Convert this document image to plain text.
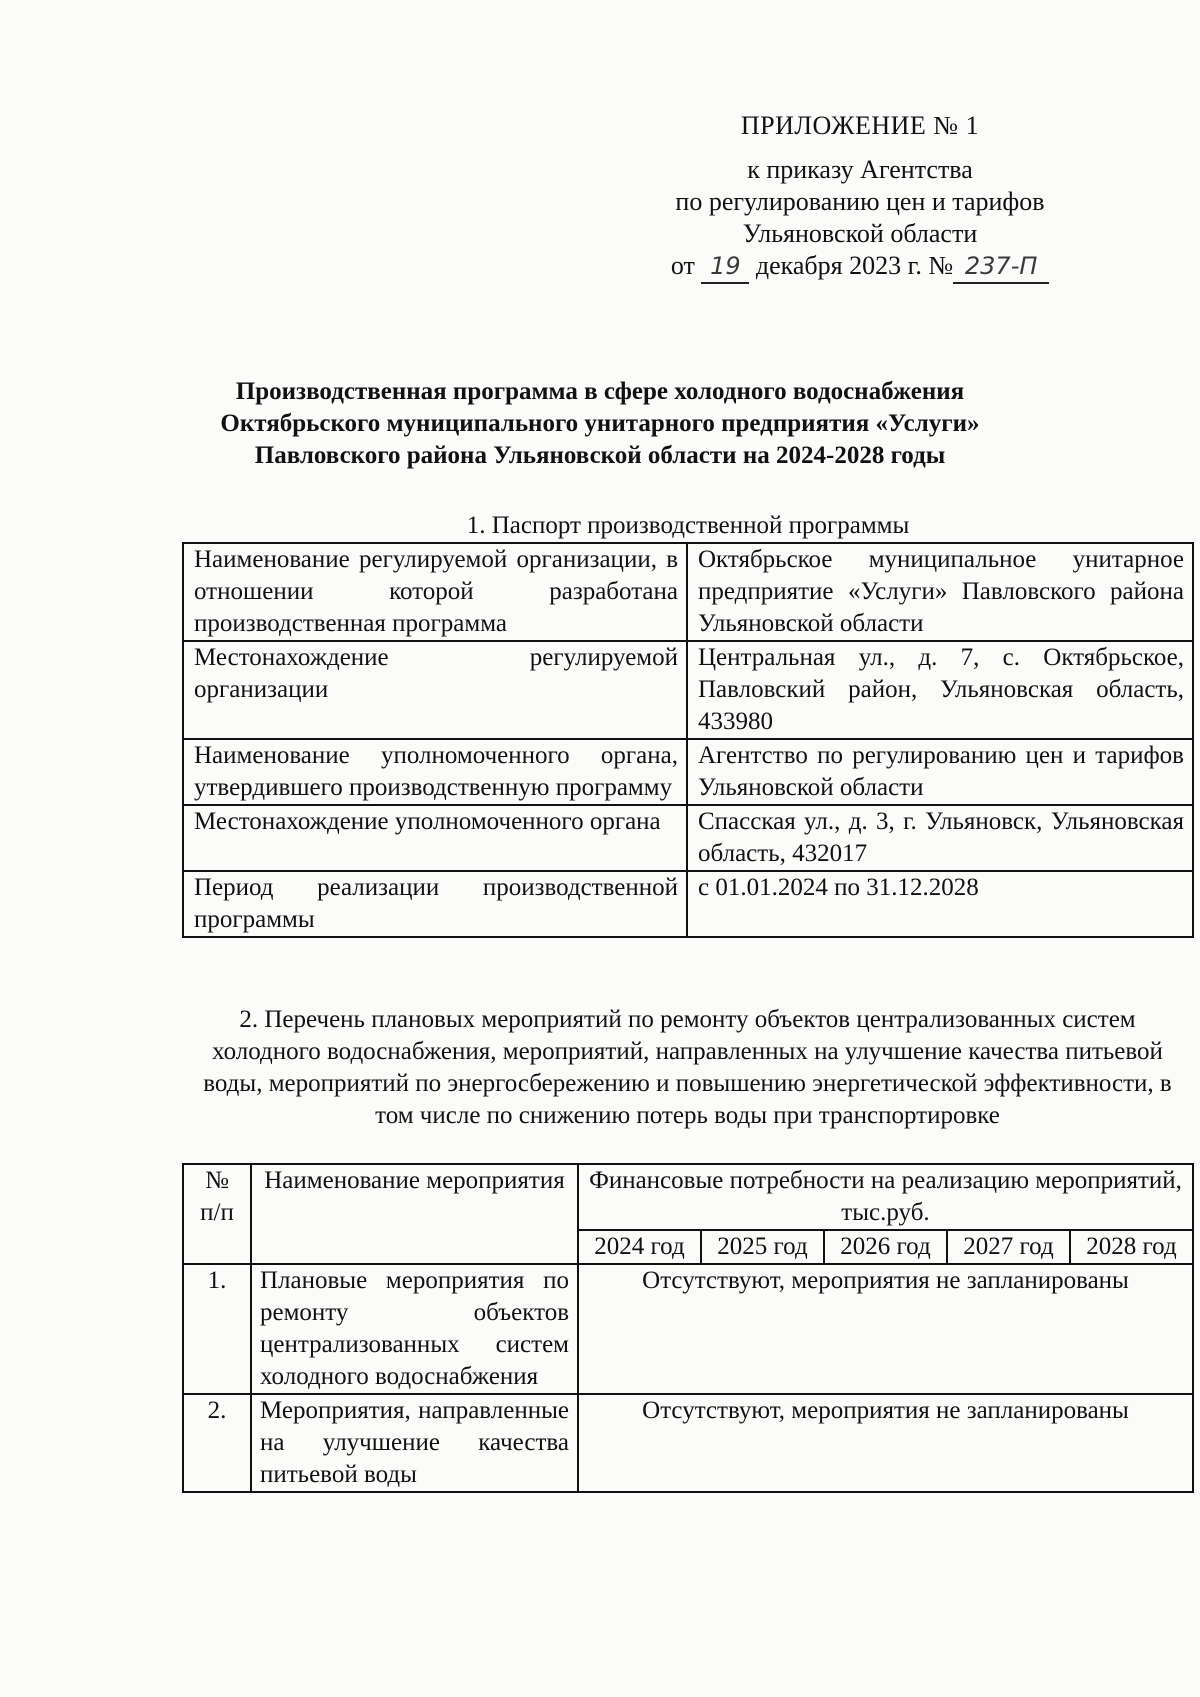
ПРИЛОЖЕНИЕ № 1
к приказу Агентства
по регулированию цен и тарифов
Ульяновской области
от 19 декабря 2023 г. № 237-П
Производственная программа в сфере холодного водоснабжения
Октябрьского муниципального унитарного предприятия «Услуги»
Павловского района Ульяновской области на 2024-2028 годы
1. Паспорт производственной программы
Наименование регулируемой организации, в отношении которой разработана производственная программа	Октябрьское муниципальное унитарное предприятие «Услуги» Павловского района Ульяновской области
Местонахождение регулируемой организации	Центральная ул., д. 7, с. Октябрьское, Павловский район, Ульяновская область, 433980
Наименование уполномоченного органа, утвердившего производственную программу	Агентство по регулированию цен и тарифов Ульяновской области
Местонахождение уполномоченного органа	Спасская ул., д. 3, г. Ульяновск, Ульяновская область, 432017
Период реализации производственной программы	с 01.01.2024 по 31.12.2028
2. Перечень плановых мероприятий по ремонту объектов централизованных систем холодного водоснабжения, мероприятий, направленных на улучшение качества питьевой воды, мероприятий по энергосбережению и повышению энергетической эффективности, в том числе по снижению потерь воды при транспортировке
№ п/п	Наименование мероприятия	Финансовые потребности на реализацию мероприятий, тыс.руб.				
		2024 год	2025 год	2026 год	2027 год	2028 год
1.	Плановые мероприятия по ремонту объектов централизованных систем холодного водоснабжения	Отсутствуют, мероприятия не запланированы				
2.	Мероприятия, направленные на улучшение качества питьевой воды	Отсутствуют, мероприятия не запланированы				
